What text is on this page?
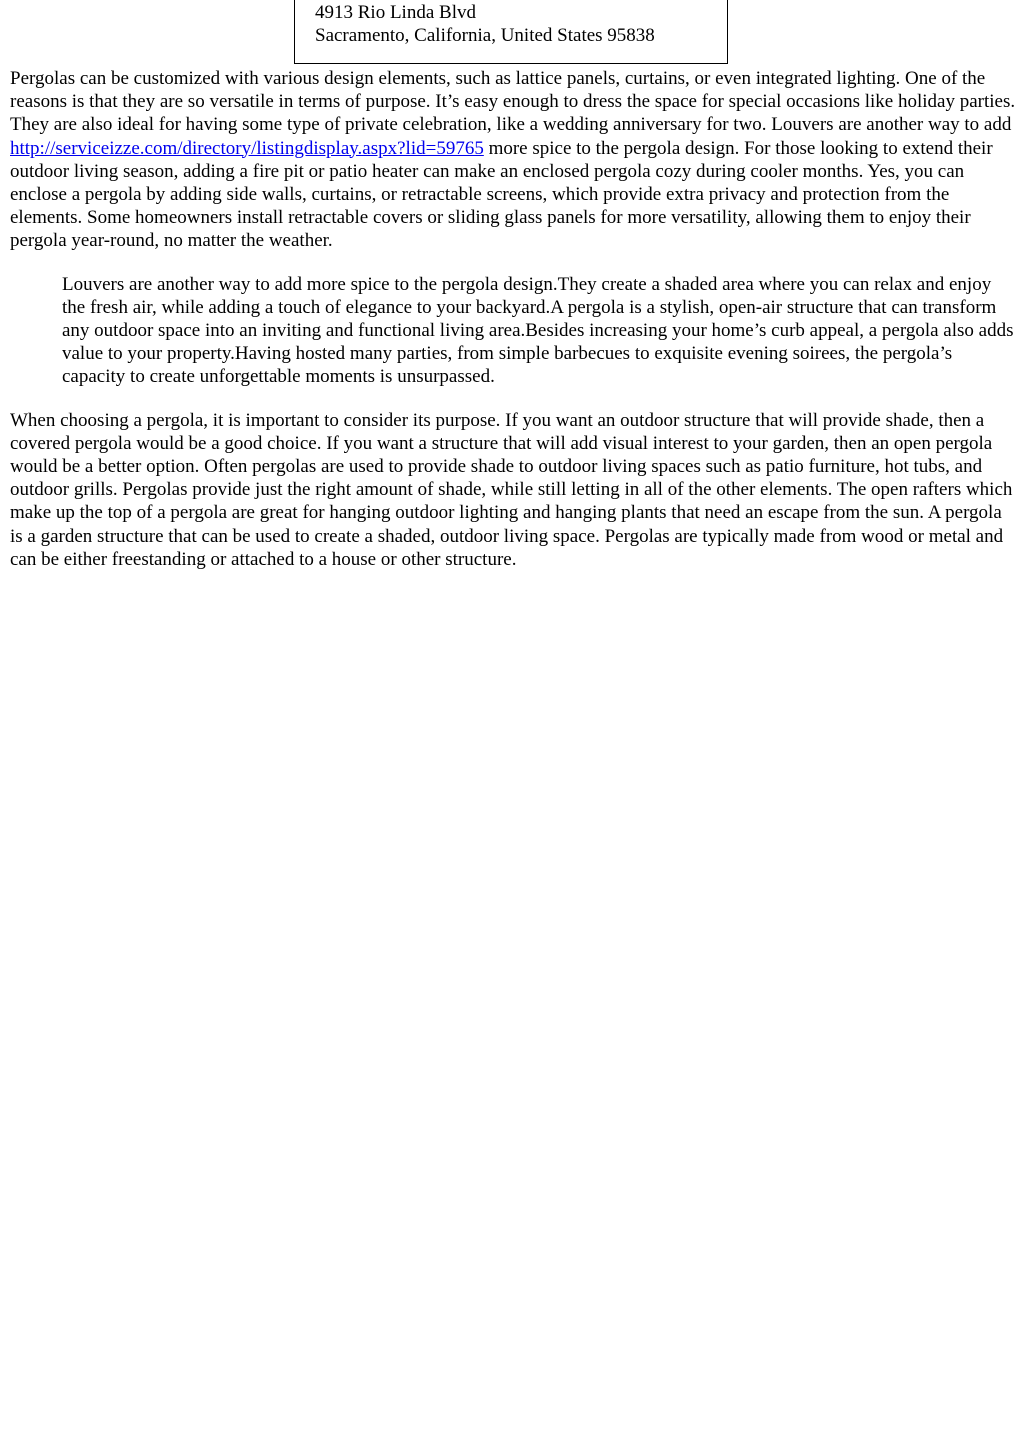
4913 Rio Linda Blvd
Sacramento, California, United States 95838

Pergolas can be customized with various design elements, such as lattice panels, curtains, or even integrated lighting. One of the reasons is that they are so versatile in terms of purpose. It’s easy enough to dress the space for special occasions like holiday parties. They are also ideal for having some type of private celebration, like a wedding anniversary for two. Louvers are another way to add http://serviceizze.com/directory/listingdisplay.aspx?lid=59765 more spice to the pergola design. For those looking to extend their outdoor living season, adding a fire pit or patio heater can make an enclosed pergola cozy during cooler months. Yes, you can enclose a pergola by adding side walls, curtains, or retractable screens, which provide extra privacy and protection from the elements. Some homeowners install retractable covers or sliding glass panels for more versatility, allowing them to enjoy their pergola year-round, no matter the weather.

Louvers are another way to add more spice to the pergola design.They create a shaded area where you can relax and enjoy the fresh air, while adding a touch of elegance to your backyard.A pergola is a stylish, open-air structure that can transform any outdoor space into an inviting and functional living area.Besides increasing your home’s curb appeal, a pergola also adds value to your property.Having hosted many parties, from simple barbecues to exquisite evening soirees, the pergola’s capacity to create unforgettable moments is unsurpassed.

When choosing a pergola, it is important to consider its purpose. If you want an outdoor structure that will provide shade, then a covered pergola would be a good choice. If you want a structure that will add visual interest to your garden, then an open pergola would be a better option. Often pergolas are used to provide shade to outdoor living spaces such as patio furniture, hot tubs, and outdoor grills. Pergolas provide just the right amount of shade, while still letting in all of the other elements. The open rafters which make up the top of a pergola are great for hanging outdoor lighting and hanging plants that need an escape from the sun. A pergola is a garden structure that can be used to create a shaded, outdoor living space. Pergolas are typically made from wood or metal and can be either freestanding or attached to a house or other structure.
